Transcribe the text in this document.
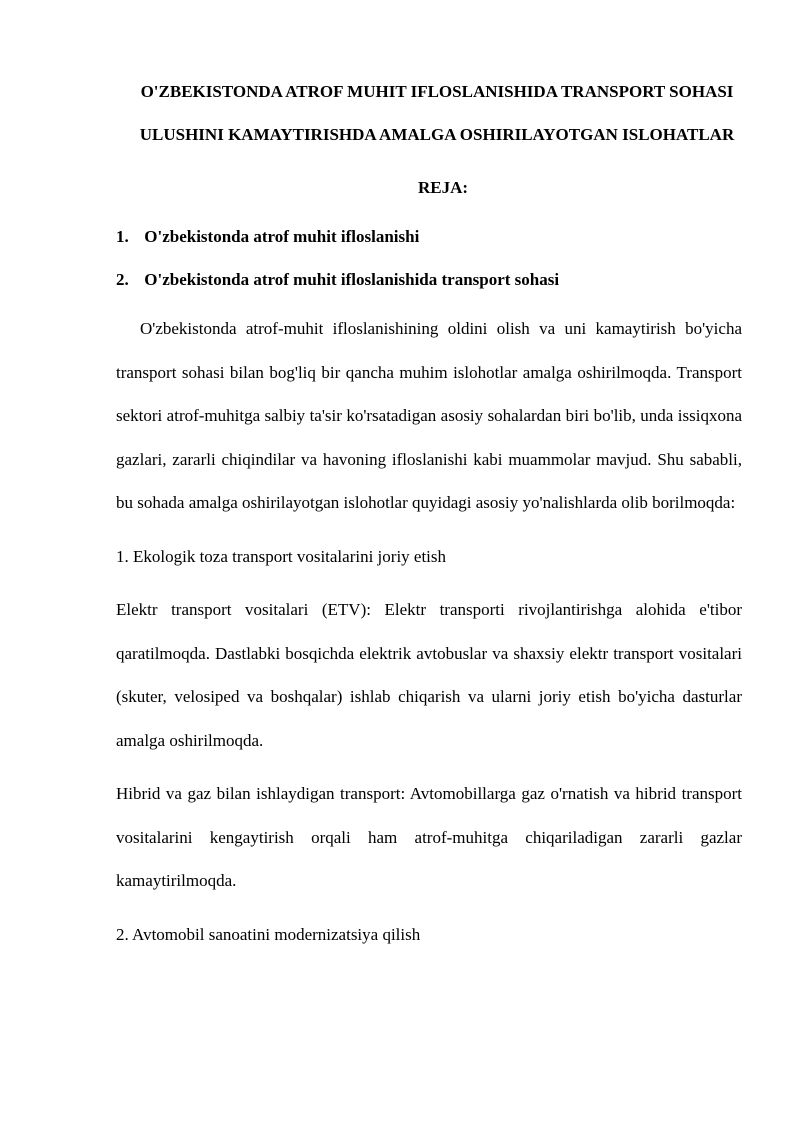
O'ZBEKISTONDA ATROF MUHIT IFLOSLANISHIDA TRANSPORT SOHASI ULUSHINI KAMAYTIRISHDA AMALGA OSHIRILAYOTGAN ISLOHATLAR
REJA:
1. O'zbekistonda atrof muhit ifloslanishi
2. O'zbekistonda atrof muhit ifloslanishida transport sohasi

O'zbekistonda atrof-muhit ifloslanishining oldini olish va uni kamaytirish bo'yicha transport sohasi bilan bog'liq bir qancha muhim islohotlar amalga oshirilmoqda. Transport sektori atrof-muhitga salbiy ta'sir ko'rsatadigan asosiy sohalardan biri bo'lib, unda issiqxona gazlari, zararli chiqindilar va havoning ifloslanishi kabi muammolar mavjud. Shu sababli, bu sohada amalga oshirilayotgan islohotlar quyidagi asosiy yo'nalishlarda olib borilmoqda:

1. Ekologik toza transport vositalarini joriy etish

Elektr transport vositalari (ETV): Elektr transporti rivojlantirishga alohida e'tibor qaratilmoqda. Dastlabki bosqichda elektrik avtobuslar va shaxsiy elektr transport vositalari (skuter, velosiped va boshqalar) ishlab chiqarish va ularni joriy etish bo'yicha dasturlar amalga oshirilmoqda.

Hibrid va gaz bilan ishlaydigan transport: Avtomobillarga gaz o'rnatish va hibrid transport vositalarini kengaytirish orqali ham atrof-muhitga chiqariladigan zararli gazlar kamaytirilmoqda.

2. Avtomobil sanoatini modernizatsiya qilish
